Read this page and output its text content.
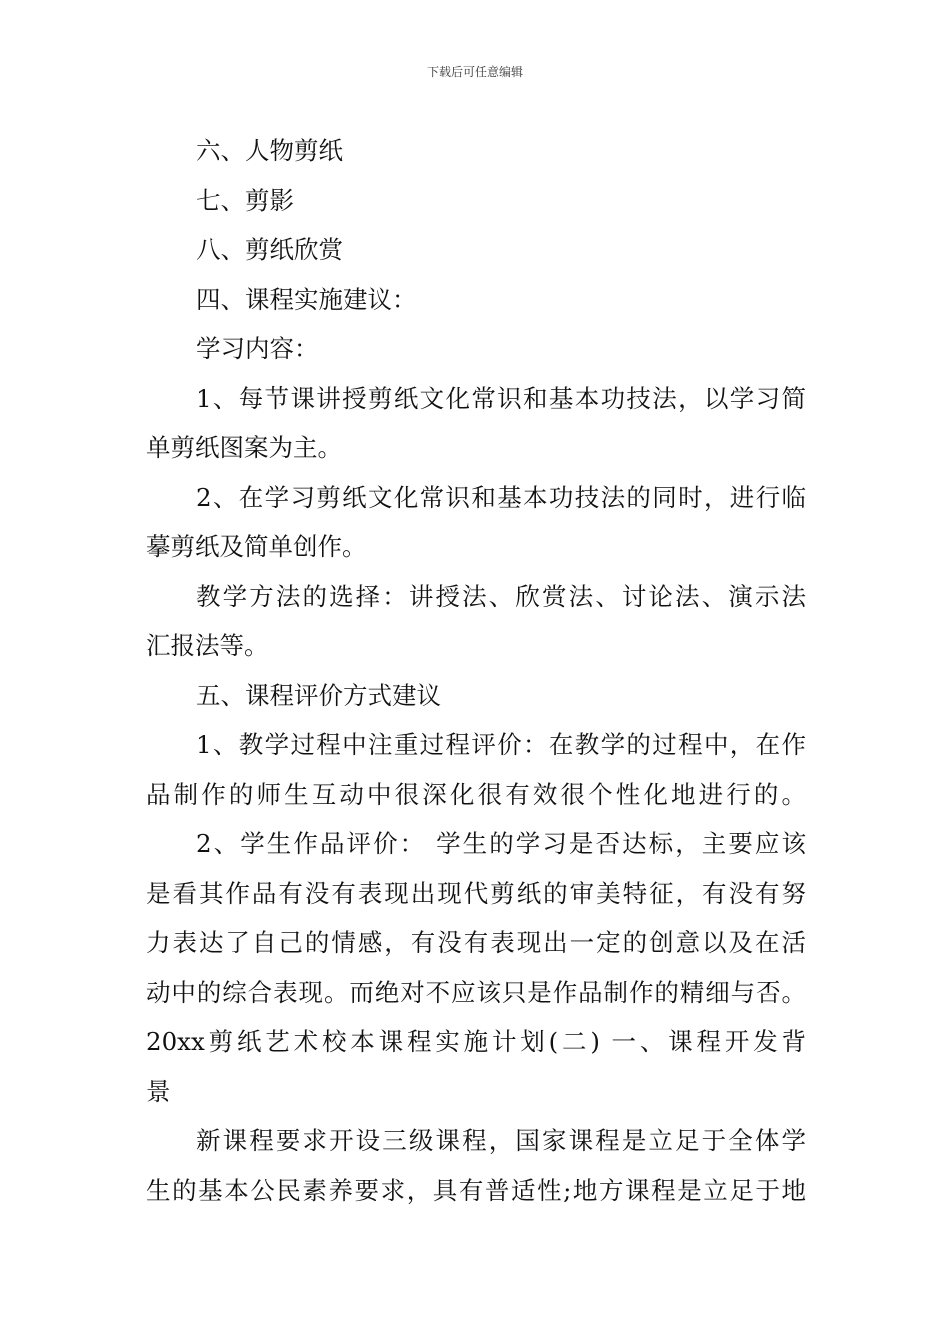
下载后可任意编辑
六、人物剪纸
七、剪影
八、剪纸欣赏
四、课程实施建议：
学习内容：
1、每节课讲授剪纸文化常识和基本功技法，以学习简
单剪纸图案为主。
2、在学习剪纸文化常识和基本功技法的同时，进行临
摹剪纸及简单创作。
教学方法的选择：讲授法、欣赏法、讨论法、演示法
汇报法等。
五、课程评价方式建议
1、教学过程中注重过程评价：在教学的过程中，在作
品制作的师生互动中很深化很有效很个性化地进行的。
2、学生作品评价： 学生的学习是否达标，主要应该
是看其作品有没有表现出现代剪纸的审美特征，有没有努
力表达了自己的情感，有没有表现出一定的创意以及在活
动中的综合表现。而绝对不应该只是作品制作的精细与否。
20xx剪纸艺术校本课程实施计划(二) 一、课程开发背
景
新课程要求开设三级课程，国家课程是立足于全体学
生的基本公民素养要求，具有普适性;地方课程是立足于地
